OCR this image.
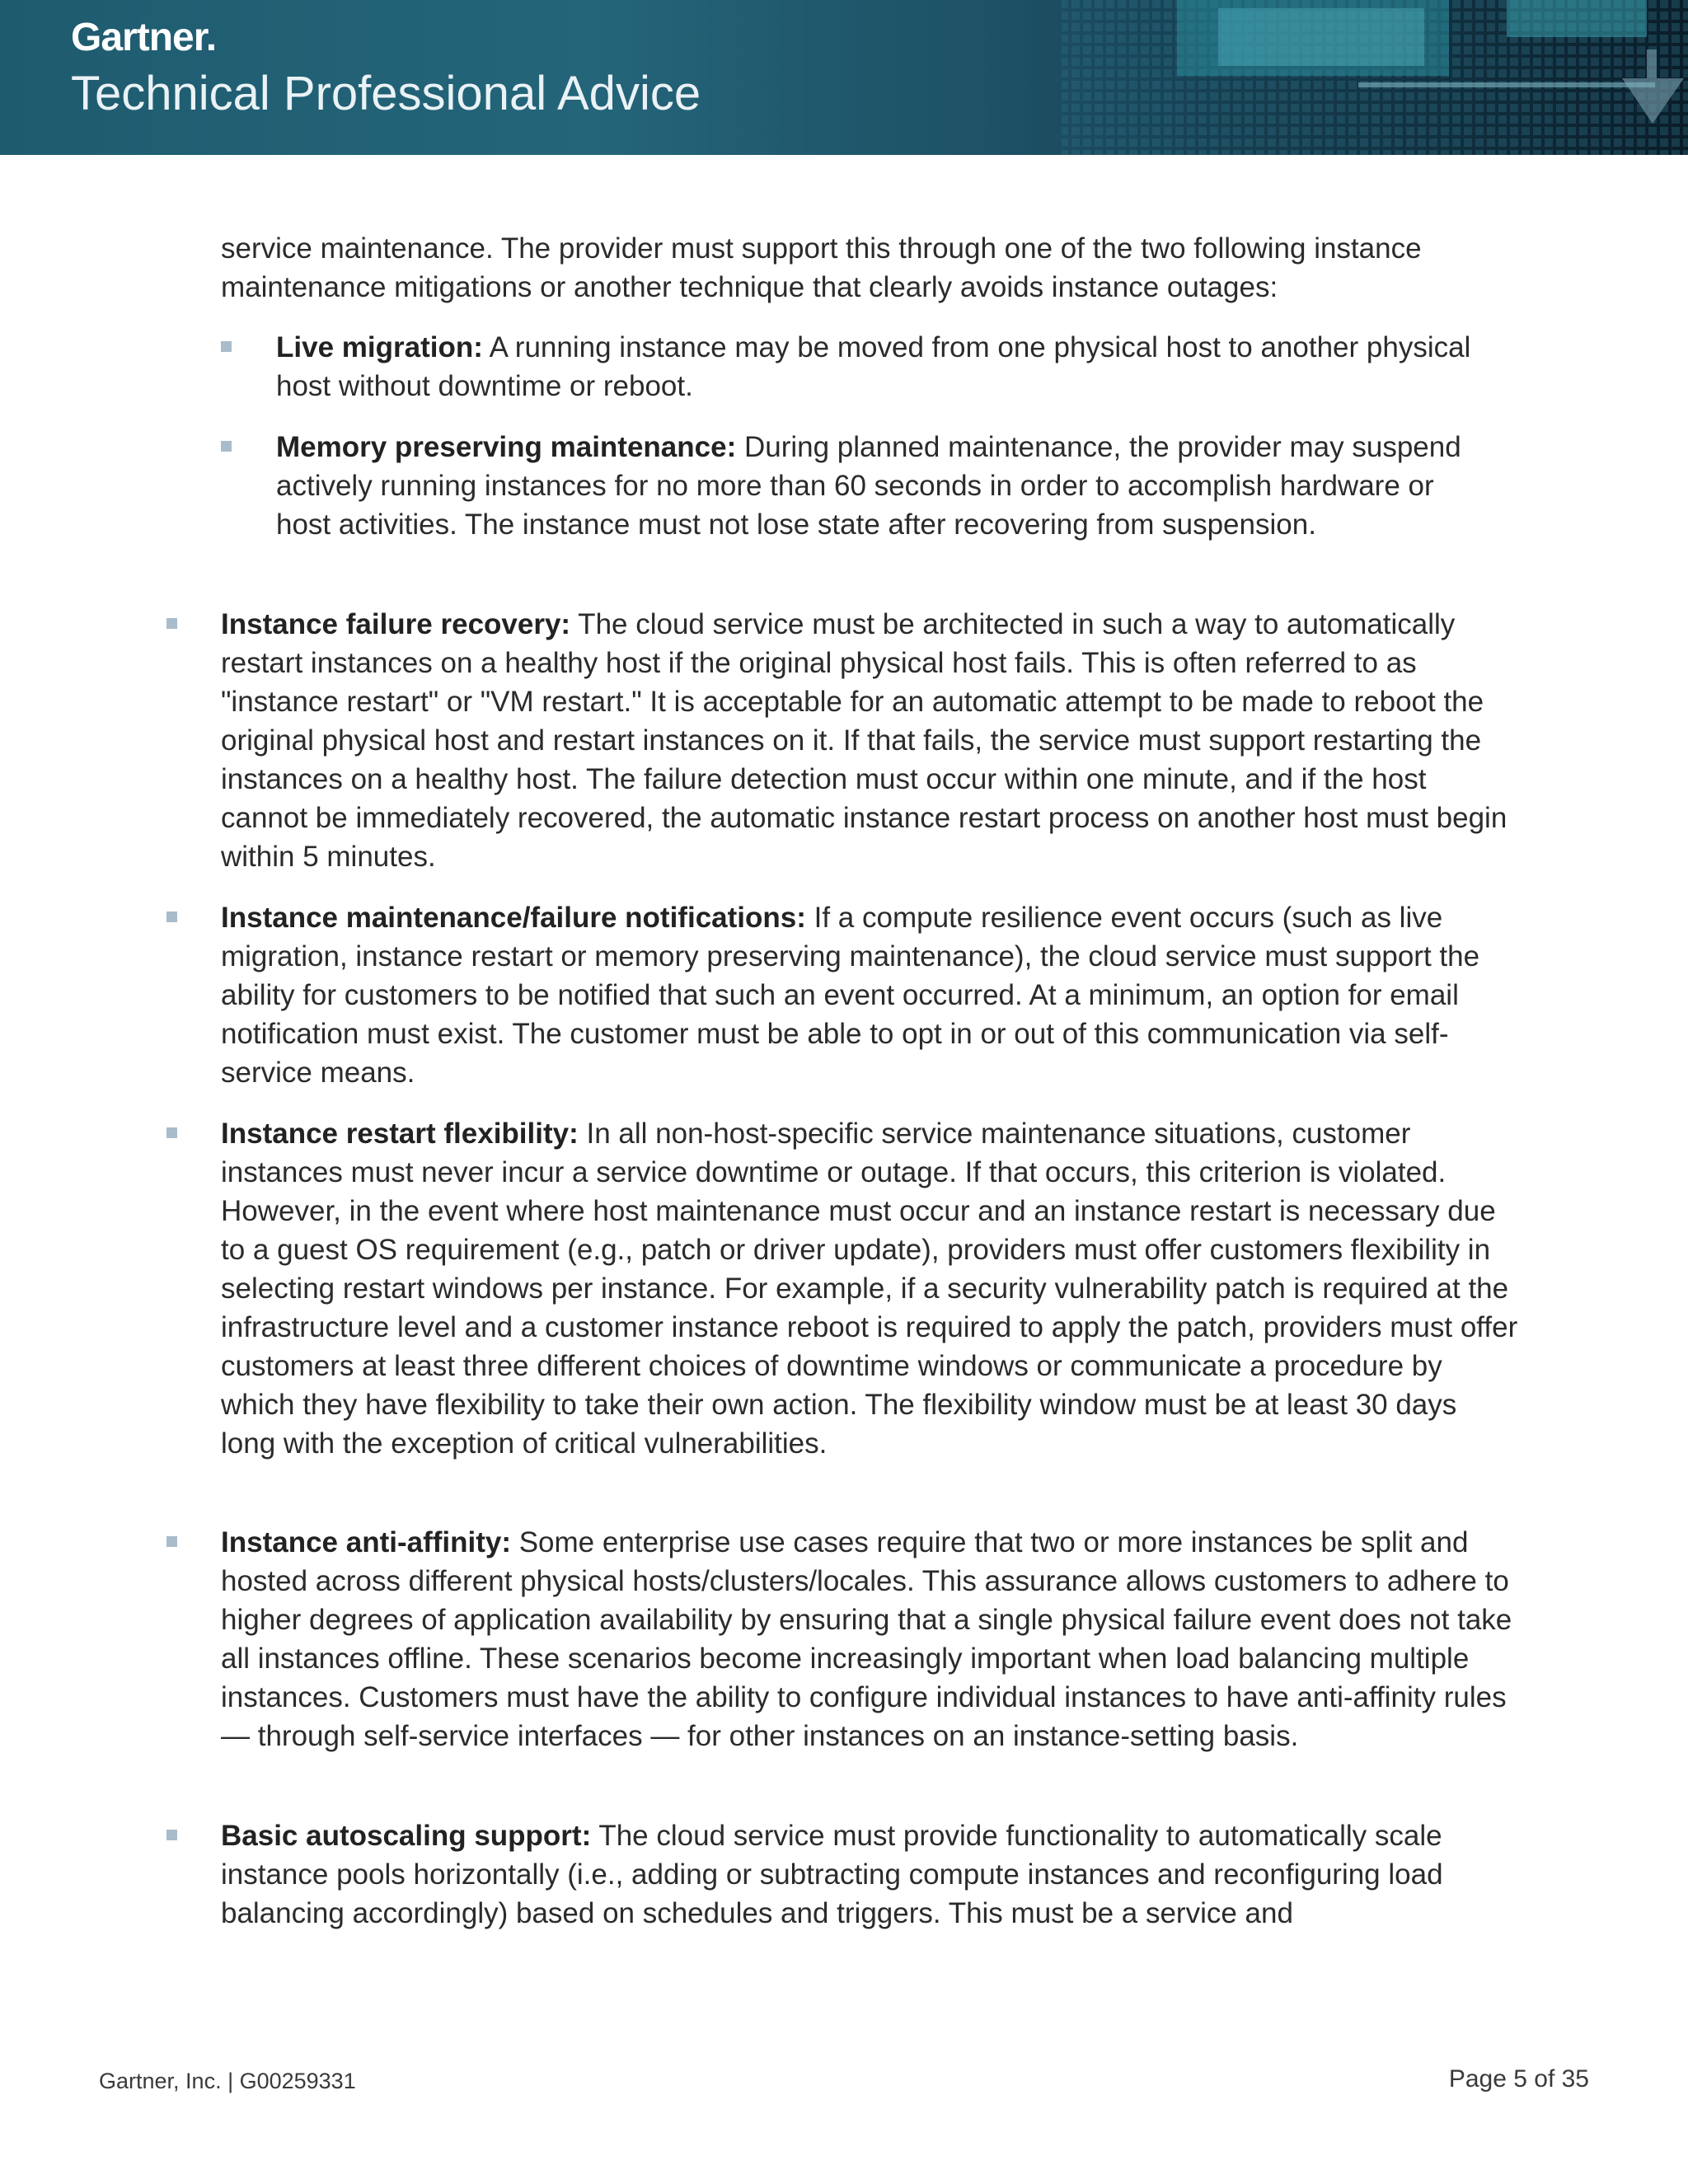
Gartner.
Technical Professional Advice
service maintenance. The provider must support this through one of the two following instance maintenance mitigations or another technique that clearly avoids instance outages:
Live migration: A running instance may be moved from one physical host to another physical host without downtime or reboot.
Memory preserving maintenance: During planned maintenance, the provider may suspend actively running instances for no more than 60 seconds in order to accomplish hardware or host activities. The instance must not lose state after recovering from suspension.
Instance failure recovery: The cloud service must be architected in such a way to automatically restart instances on a healthy host if the original physical host fails. This is often referred to as "instance restart" or "VM restart." It is acceptable for an automatic attempt to be made to reboot the original physical host and restart instances on it. If that fails, the service must support restarting the instances on a healthy host. The failure detection must occur within one minute, and if the host cannot be immediately recovered, the automatic instance restart process on another host must begin within 5 minutes.
Instance maintenance/failure notifications: If a compute resilience event occurs (such as live migration, instance restart or memory preserving maintenance), the cloud service must support the ability for customers to be notified that such an event occurred. At a minimum, an option for email notification must exist. The customer must be able to opt in or out of this communication via self-service means.
Instance restart flexibility: In all non-host-specific service maintenance situations, customer instances must never incur a service downtime or outage. If that occurs, this criterion is violated. However, in the event where host maintenance must occur and an instance restart is necessary due to a guest OS requirement (e.g., patch or driver update), providers must offer customers flexibility in selecting restart windows per instance. For example, if a security vulnerability patch is required at the infrastructure level and a customer instance reboot is required to apply the patch, providers must offer customers at least three different choices of downtime windows or communicate a procedure by which they have flexibility to take their own action. The flexibility window must be at least 30 days long with the exception of critical vulnerabilities.
Instance anti-affinity: Some enterprise use cases require that two or more instances be split and hosted across different physical hosts/clusters/locales. This assurance allows customers to adhere to higher degrees of application availability by ensuring that a single physical failure event does not take all instances offline. These scenarios become increasingly important when load balancing multiple instances. Customers must have the ability to configure individual instances to have anti-affinity rules — through self-service interfaces — for other instances on an instance-setting basis.
Basic autoscaling support: The cloud service must provide functionality to automatically scale instance pools horizontally (i.e., adding or subtracting compute instances and reconfiguring load balancing accordingly) based on schedules and triggers. This must be a service and
Gartner, Inc. | G00259331	Page 5 of 35
